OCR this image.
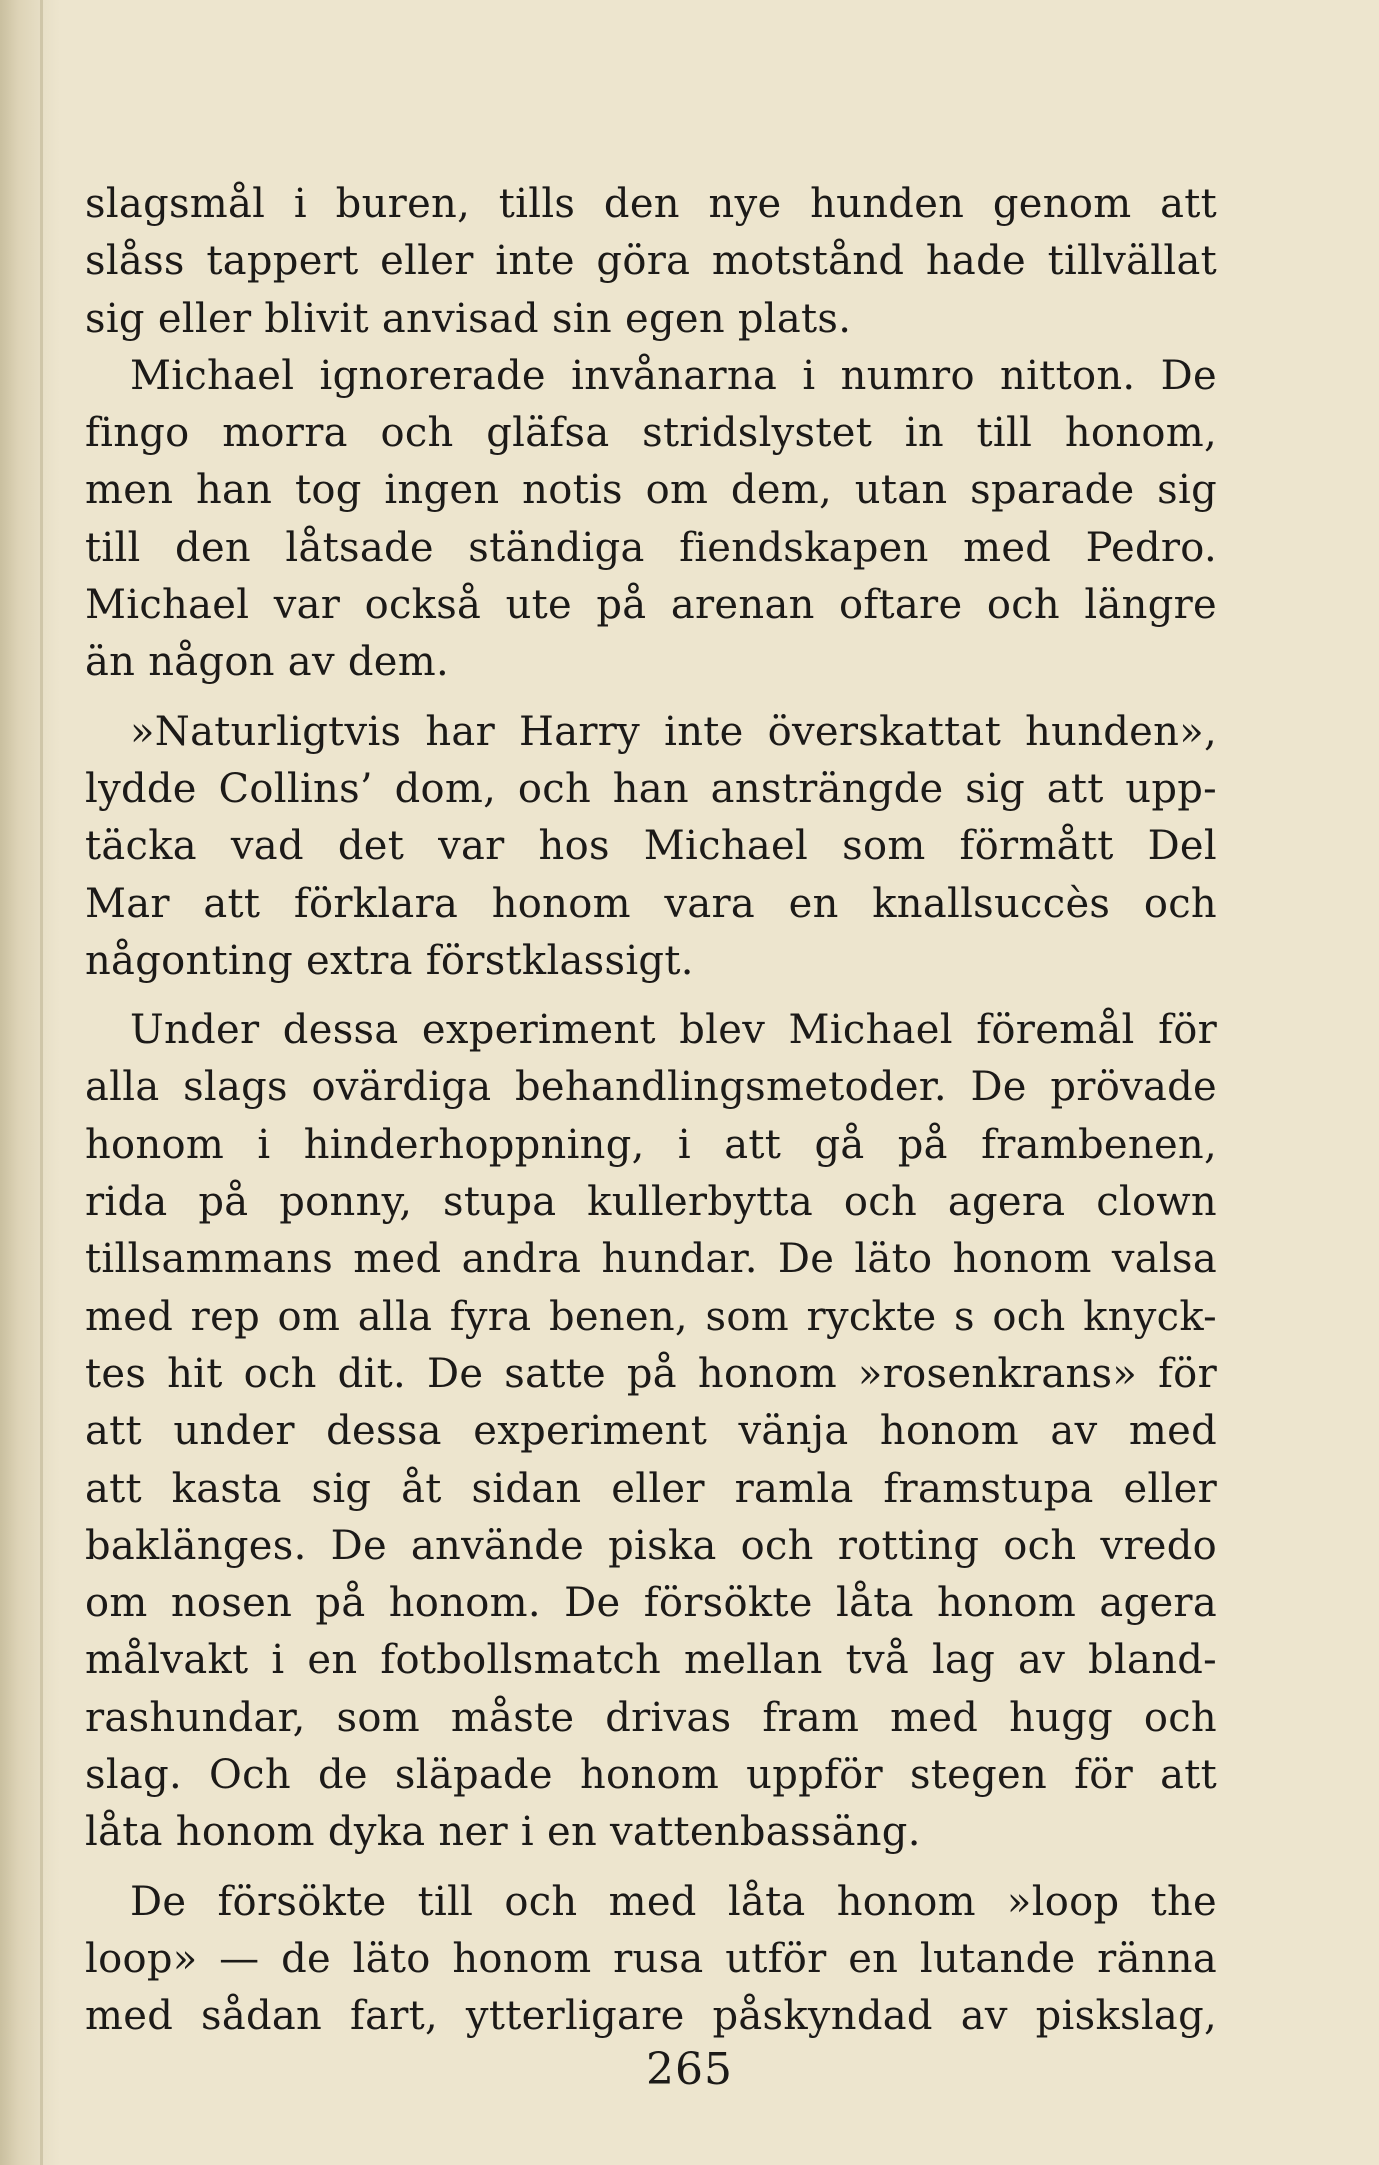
slagsmål i buren, tills den nye hunden genom att
slåss tappert eller inte göra motstånd hade tillvällat
sig eller blivit anvisad sin egen plats.

Michael ignorerade invånarna i numro nitton. De
fingo morra och gläfsa stridslystet in till honom,
men han tog ingen notis om dem, utan sparade sig
till den låtsade ständiga fiendskapen med Pedro.
Michael var också ute på arenan oftare och längre
än någon av dem.

»Naturligtvis har Harry inte överskattat hunden»,
lydde Collins’ dom, och han ansträngde sig att upp-
täcka vad det var hos Michael som förmått Del
Mar att förklara honom vara en knallsuccès och
någonting extra förstklassigt.

Under dessa experiment blev Michael föremål för
alla slags ovärdiga behandlingsmetoder. De prövade
honom i hinderhoppning, i att gå på frambenen,
rida på ponny, stupa kullerbytta och agera clown
tillsammans med andra hundar. De läto honom valsa
med rep om alla fyra benen, som ryckte s och knyck-
tes hit och dit. De satte på honom »rosenkrans» för
att under dessa experiment vänja honom av med
att kasta sig åt sidan eller ramla framstupa eller
baklänges. De använde piska och rotting och vredo
om nosen på honom. De försökte låta honom agera
målvakt i en fotbollsmatch mellan två lag av bland-
rashundar, som måste drivas fram med hugg och
slag. Och de släpade honom uppför stegen för att
låta honom dyka ner i en vattenbassäng.

De försökte till och med låta honom »loop the
loop» — de läto honom rusa utför en lutande ränna
med sådan fart, ytterligare påskyndad av piskslag,

265
